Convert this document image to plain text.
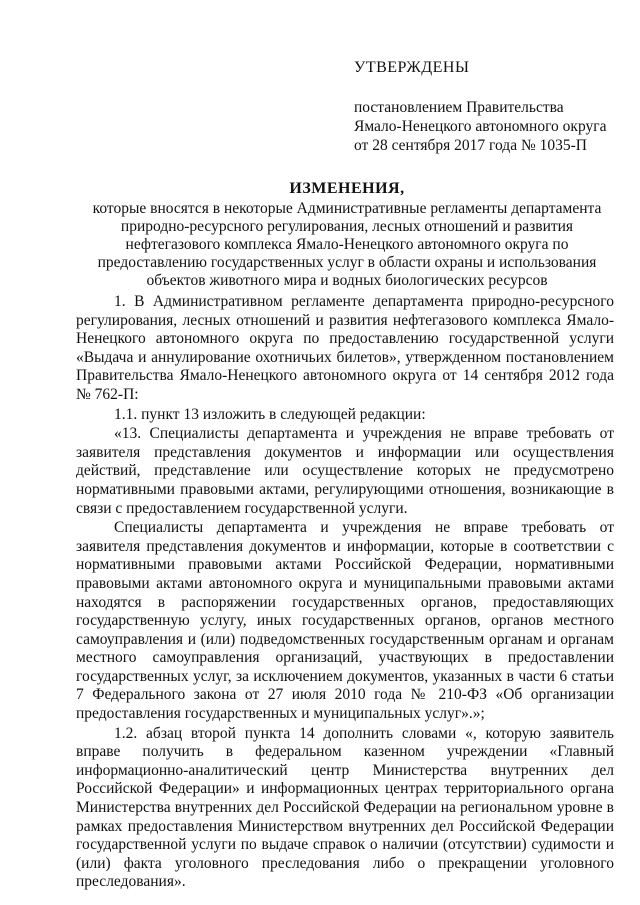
УТВЕРЖДЕНЫ
постановлением Правительства
Ямало-Ненецкого автономного округа
от 28 сентября 2017 года № 1035-П
ИЗМЕНЕНИЯ,
которые вносятся в некоторые Административные регламенты департамента природно-ресурсного регулирования, лесных отношений и развития нефтегазового комплекса Ямало-Ненецкого автономного округа по предоставлению государственных услуг в области охраны и использования объектов животного мира и водных биологических ресурсов

1. В Административном регламенте департамента природно-ресурсного регулирования, лесных отношений и развития нефтегазового комплекса Ямало-Ненецкого автономного округа по предоставлению государственной услуги «Выдача и аннулирование охотничьих билетов», утвержденном постановлением Правительства Ямало-Ненецкого автономного округа от 14 сентября 2012 года № 762-П:

1.1. пункт 13 изложить в следующей редакции:

«13. Специалисты департамента и учреждения не вправе требовать от заявителя представления документов и информации или осуществления действий, представление или осуществление которых не предусмотрено нормативными правовыми актами, регулирующими отношения, возникающие в связи с предоставлением государственной услуги.

Специалисты департамента и учреждения не вправе требовать от заявителя представления документов и информации, которые в соответствии с нормативными правовыми актами Российской Федерации, нормативными правовыми актами автономного округа и муниципальными правовыми актами находятся в распоряжении государственных органов, предоставляющих государственную услугу, иных государственных органов, органов местного самоуправления и (или) подведомственных государственным органам и органам местного самоуправления организаций, участвующих в предоставлении государственных услуг, за исключением документов, указанных в части 6 статьи 7 Федерального закона от 27 июля 2010 года № 210-ФЗ «Об организации предоставления государственных и муниципальных услуг».»;

1.2. абзац второй пункта 14 дополнить словами «, которую заявитель вправе получить в федеральном казенном учреждении «Главный информационно-аналитический центр Министерства внутренних дел Российской Федерации» и информационных центрах территориального органа Министерства внутренних дел Российской Федерации на региональном уровне в рамках предоставления Министерством внутренних дел Российской Федерации государственной услуги по выдаче справок о наличии (отсутствии) судимости и (или) факта уголовного преследования либо о прекращении уголовного преследования».
